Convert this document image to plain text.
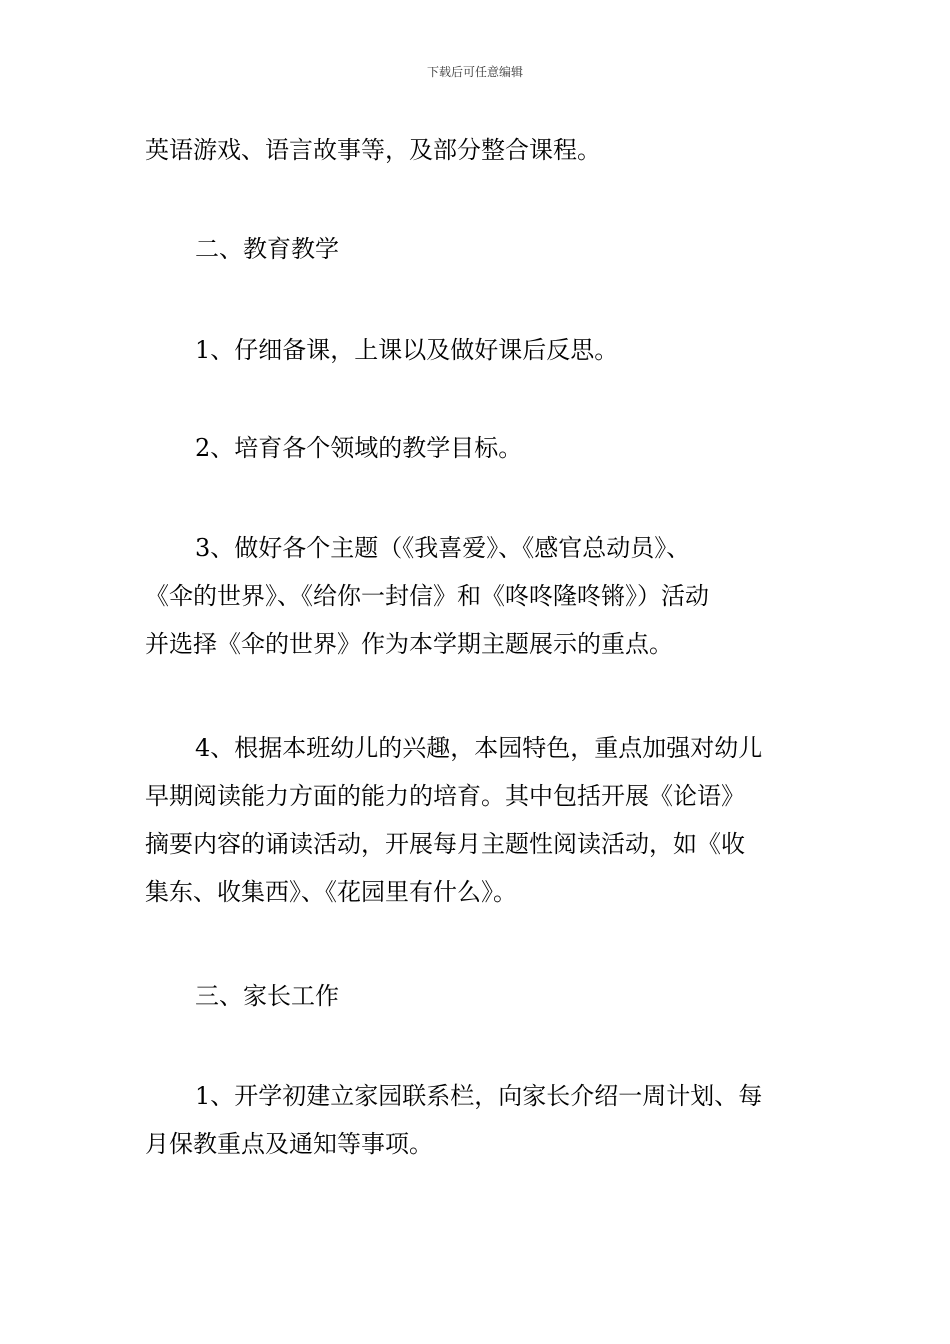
下载后可任意编辑
英语游戏、语言故事等，及部分整合课程。
二、教育教学
1、仔细备课，上课以及做好课后反思。
2、培育各个领域的教学目标。
3、做好各个主题（《我喜爱》、《感官总动员》、
《伞的世界》、《给你一封信》和《咚咚隆咚锵》）活动
并选择《伞的世界》作为本学期主题展示的重点。
4、根据本班幼儿的兴趣，本园特色，重点加强对幼儿
早期阅读能力方面的能力的培育。其中包括开展《论语》
摘要内容的诵读活动，开展每月主题性阅读活动，如《收
集东、收集西》、《花园里有什么》。
三、家长工作
1、开学初建立家园联系栏，向家长介绍一周计划、每
月保教重点及通知等事项。
